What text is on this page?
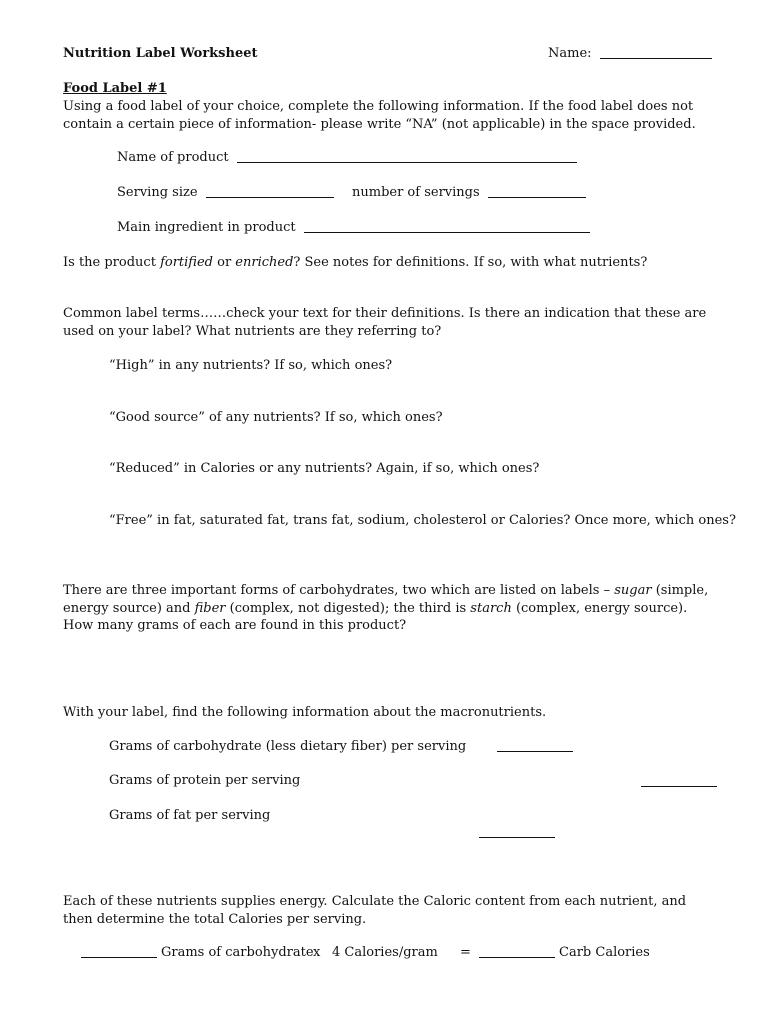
Nutrition Label Worksheet	Name:
Food Label #1
Using a food label of your choice, complete the following information. If the food label does not contain a certain piece of information- please write “NA” (not applicable) in the space provided.
Name of product
Serving size	number of servings
Main ingredient in product
Is the product fortified or enriched? See notes for definitions. If so, with what nutrients?
Common label terms……check your text for their definitions. Is there an indication that these are used on your label? What nutrients are they referring to?
“High” in any nutrients? If so, which ones?
“Good source” of any nutrients? If so, which ones?
“Reduced” in Calories or any nutrients? Again, if so, which ones?
“Free” in fat, saturated fat, trans fat, sodium, cholesterol or Calories? Once more, which ones?
There are three important forms of carbohydrates, two which are listed on labels – sugar (simple, energy source) and fiber (complex, not digested); the third is starch (complex, energy source). How many grams of each are found in this product?
With your label, find the following information about the macronutrients.
Grams of carbohydrate (less dietary fiber) per serving
Grams of protein per serving
Grams of fat per serving
Each of these nutrients supplies energy. Calculate the Caloric content from each nutrient, and then determine the total Calories per serving.
Grams of carbohydrate x 4 Calories/gram =	Carb Calories
